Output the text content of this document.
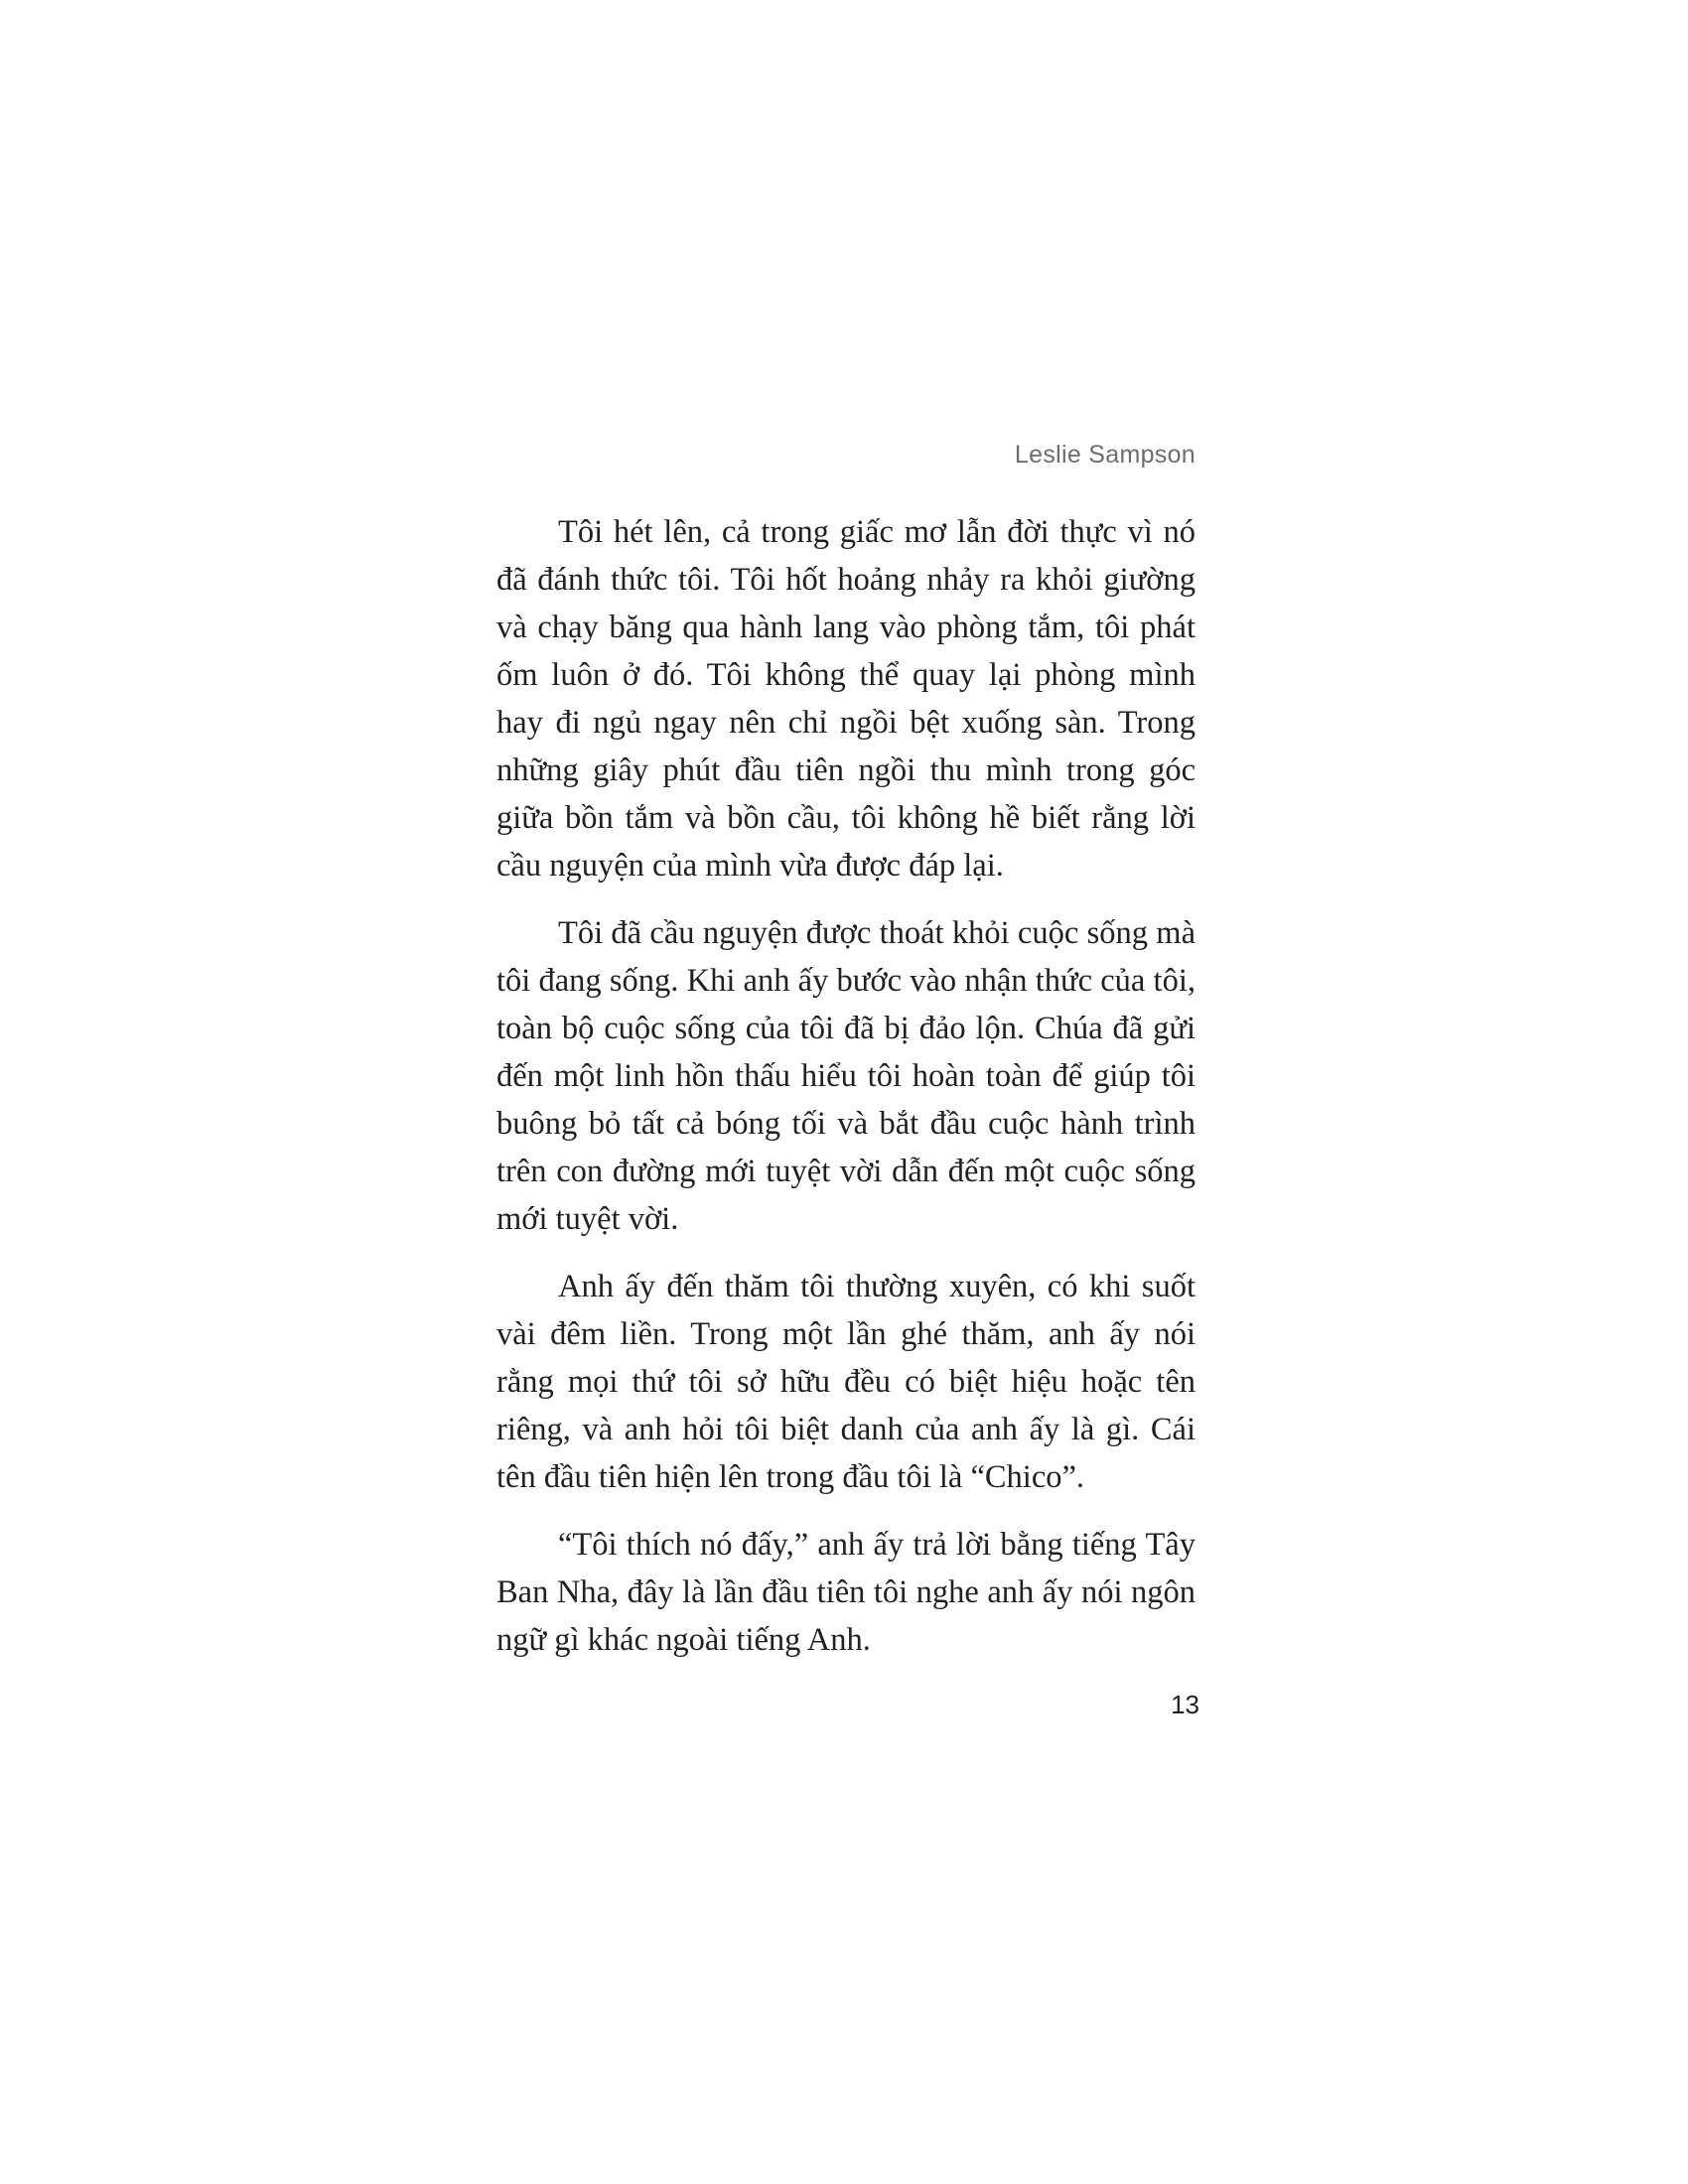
Leslie Sampson
Tôi hét lên, cả trong giấc mơ lẫn đời thực vì nó
đã đánh thức tôi. Tôi hốt hoảng nhảy ra khỏi giường
và chạy băng qua hành lang vào phòng tắm, tôi phát
ốm luôn ở đó. Tôi không thể quay lại phòng mình
hay đi ngủ ngay nên chỉ ngồi bệt xuống sàn. Trong
những giây phút đầu tiên ngồi thu mình trong góc
giữa bồn tắm và bồn cầu, tôi không hề biết rằng lời
cầu nguyện của mình vừa được đáp lại.
Tôi đã cầu nguyện được thoát khỏi cuộc sống mà
tôi đang sống. Khi anh ấy bước vào nhận thức của tôi,
toàn bộ cuộc sống của tôi đã bị đảo lộn. Chúa đã gửi
đến một linh hồn thấu hiểu tôi hoàn toàn để giúp tôi
buông bỏ tất cả bóng tối và bắt đầu cuộc hành trình
trên con đường mới tuyệt vời dẫn đến một cuộc sống
mới tuyệt vời.
Anh ấy đến thăm tôi thường xuyên, có khi suốt
vài đêm liền. Trong một lần ghé thăm, anh ấy nói
rằng mọi thứ tôi sở hữu đều có biệt hiệu hoặc tên
riêng, và anh hỏi tôi biệt danh của anh ấy là gì. Cái
tên đầu tiên hiện lên trong đầu tôi là “Chico”.
“Tôi thích nó đấy,” anh ấy trả lời bằng tiếng Tây
Ban Nha, đây là lần đầu tiên tôi nghe anh ấy nói ngôn
ngữ gì khác ngoài tiếng Anh.
13
